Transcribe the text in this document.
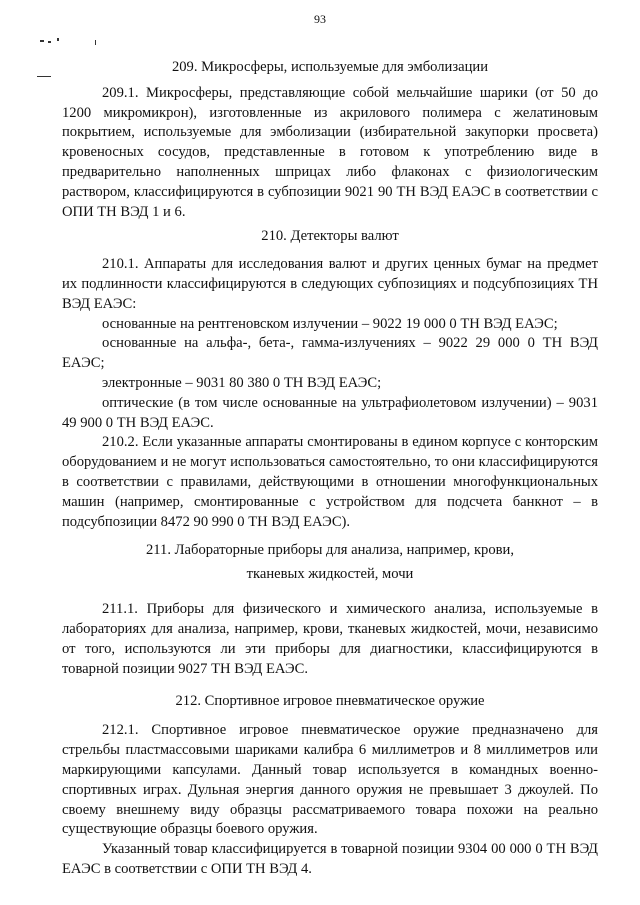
93

209. Микросферы, используемые для эмболизации

209.1. Микросферы, представляющие собой мельчайшие шарики (от 50 до 1200 микромикрон), изготовленные из акрилового полимера с желатиновым покрытием, используемые для эмболизации (избирательной закупорки просвета) кровеносных сосудов, представленные в готовом к употреблению виде в предварительно наполненных шприцах либо флаконах с физиологическим раствором, классифицируются в субпозиции 9021 90 ТН ВЭД ЕАЭС в соответствии с ОПИ ТН ВЭД 1 и 6.

210. Детекторы валют

210.1. Аппараты для исследования валют и других ценных бумаг на предмет их подлинности классифицируются в следующих субпозициях и подсубпозициях ТН ВЭД ЕАЭС:

основанные на рентгеновском излучении – 9022 19 000 0 ТН ВЭД ЕАЭС;

основанные на альфа-, бета-, гамма-излучениях – 9022 29 000 0 ТН ВЭД ЕАЭС;

электронные – 9031 80 380 0 ТН ВЭД ЕАЭС;

оптические (в том числе основанные на ультрафиолетовом излучении) – 9031 49 900 0 ТН ВЭД ЕАЭС.

210.2. Если указанные аппараты смонтированы в едином корпусе с конторским оборудованием и не могут использоваться самостоятельно, то они классифицируются в соответствии с правилами, действующими в отношении многофункциональных машин (например, смонтированные с устройством для подсчета банкнот – в подсубпозиции 8472 90 990 0 ТН ВЭД ЕАЭС).

211. Лабораторные приборы для анализа, например, крови, тканевых жидкостей, мочи

211.1. Приборы для физического и химического анализа, используемые в лабораториях для анализа, например, крови, тканевых жидкостей, мочи, независимо от того, используются ли эти приборы для диагностики, классифицируются в товарной позиции 9027 ТН ВЭД ЕАЭС.

212. Спортивное игровое пневматическое оружие

212.1. Спортивное игровое пневматическое оружие предназначено для стрельбы пластмассовыми шариками калибра 6 миллиметров и 8 миллиметров или маркирующими капсулами. Данный товар используется в командных военно-спортивных играх. Дульная энергия данного оружия не превышает 3 джоулей. По своему внешнему виду образцы рассматриваемого товара похожи на реально существующие образцы боевого оружия.

Указанный товар классифицируется в товарной позиции 9304 00 000 0 ТН ВЭД ЕАЭС в соответствии с ОПИ ТН ВЭД 4.
